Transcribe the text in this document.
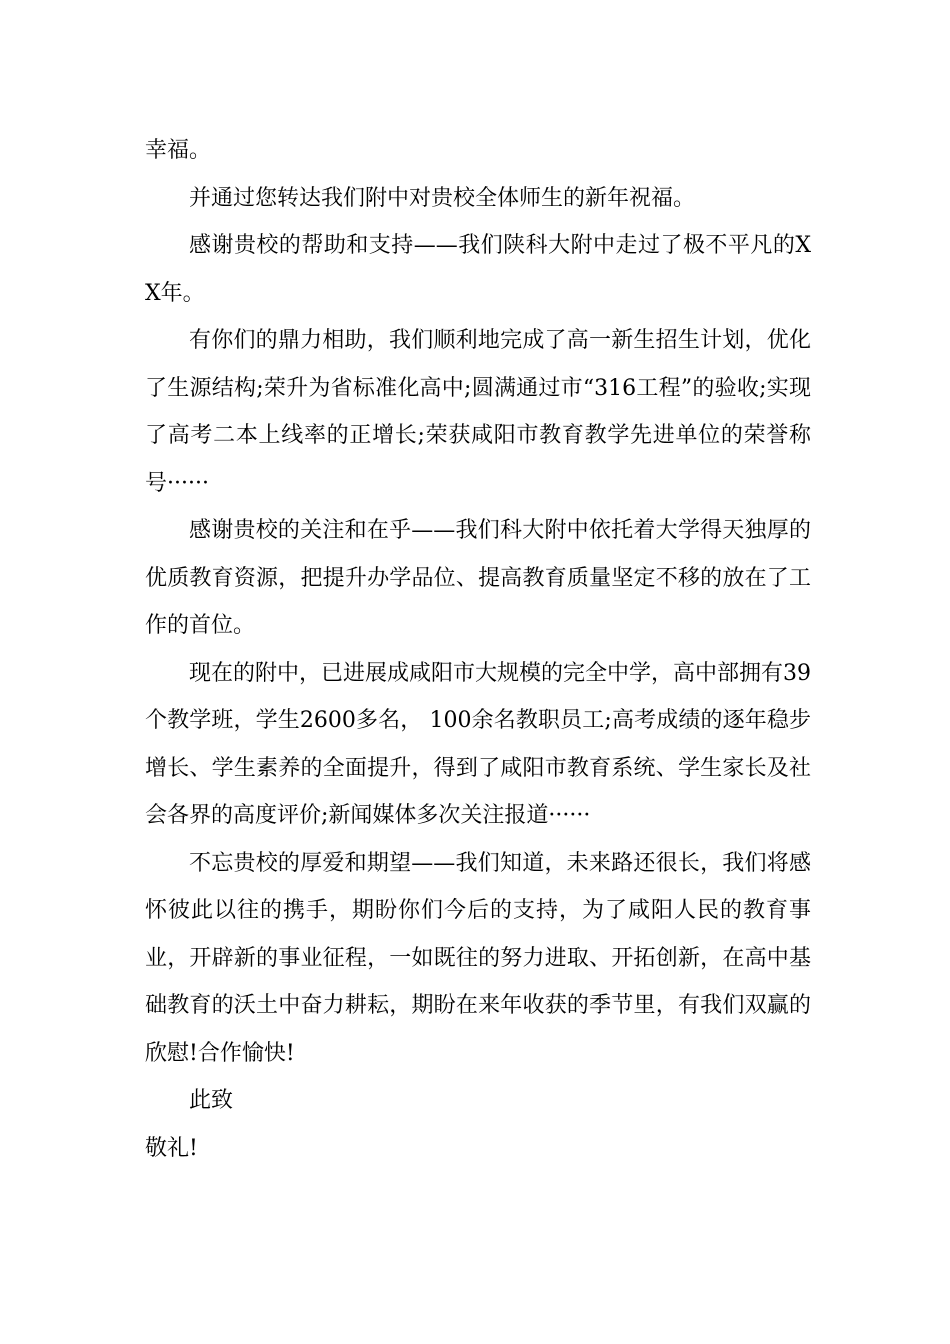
幸福。

并通过您转达我们附中对贵校全体师生的新年祝福。

感谢贵校的帮助和支持——我们陕科大附中走过了极不平凡的XX年。

有你们的鼎力相助，我们顺利地完成了高一新生招生计划，优化了生源结构;荣升为省标准化高中;圆满通过市“316工程”的验收;实现了高考二本上线率的正增长;荣获咸阳市教育教学先进单位的荣誉称号······

感谢贵校的关注和在乎——我们科大附中依托着大学得天独厚的优质教育资源，把提升办学品位、提高教育质量坚定不移的放在了工作的首位。

现在的附中，已进展成咸阳市大规模的完全中学，高中部拥有39个教学班，学生2600多名， 100余名教职员工;高考成绩的逐年稳步增长、学生素养的全面提升，得到了咸阳市教育系统、学生家长及社会各界的高度评价;新闻媒体多次关注报道······

不忘贵校的厚爱和期望——我们知道，未来路还很长，我们将感怀彼此以往的携手，期盼你们今后的支持，为了咸阳人民的教育事业，开辟新的事业征程，一如既往的努力进取、开拓创新，在高中基础教育的沃土中奋力耕耘，期盼在来年收获的季节里，有我们双赢的欣慰!合作愉快!

此致

敬礼!
